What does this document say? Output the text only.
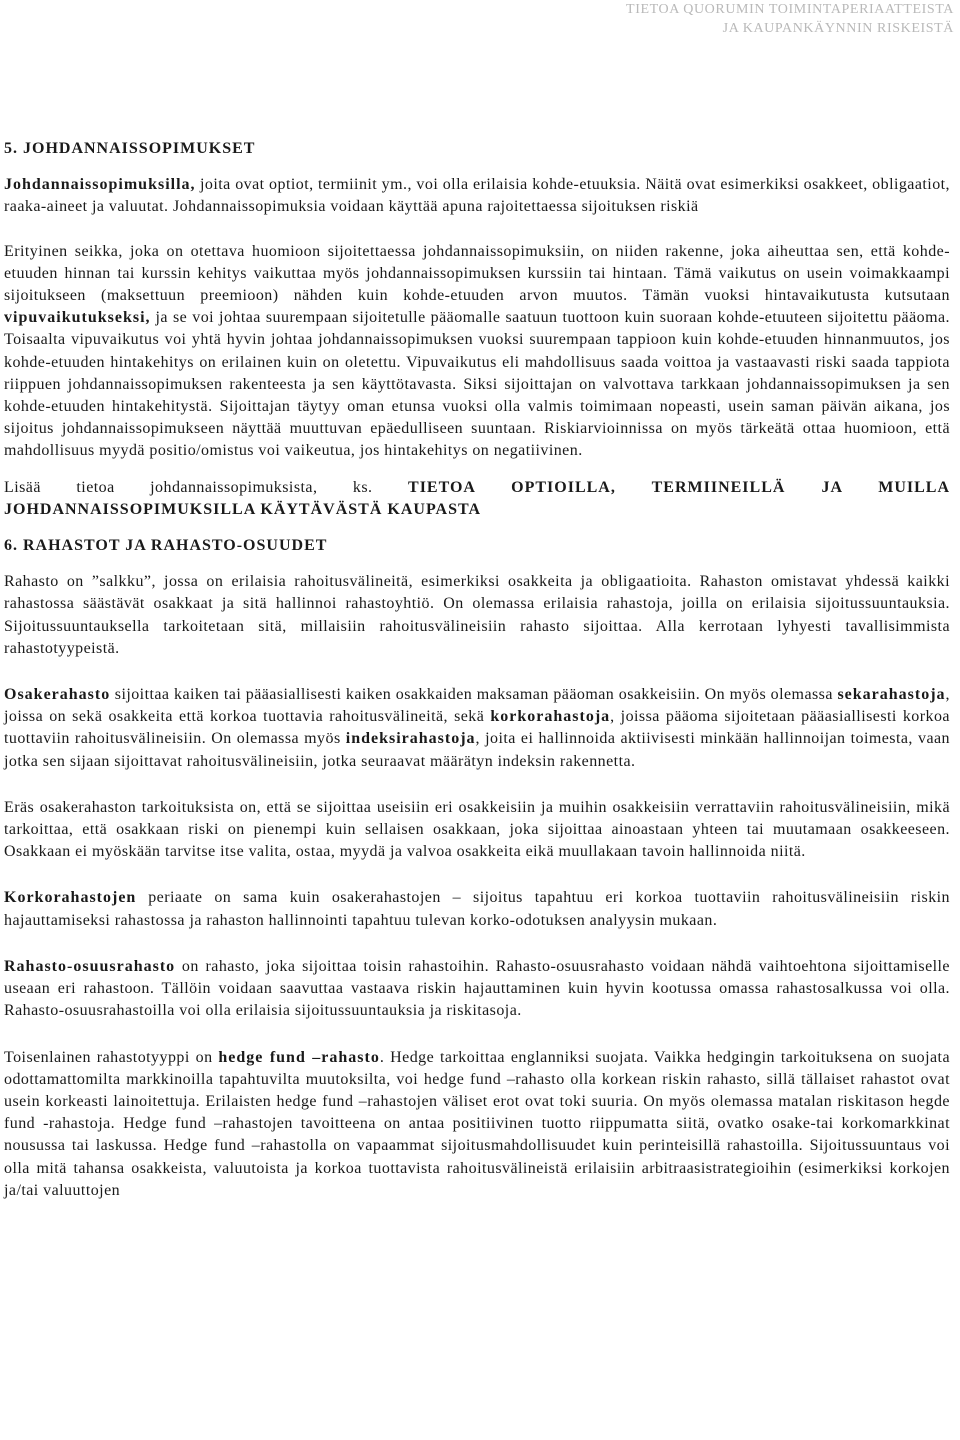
TIETOA QUORUMIN TOIMINTAPERIAATTEISTA
JA KAUPANKÄYNNIN RISKEISTÄ
5. JOHDANNAISSOPIMUKSET

Johdannaissopimuksilla, joita ovat optiot, termiinit ym., voi olla erilaisia kohde-etuuksia. Näitä ovat esimerkiksi osakkeet, obligaatiot, raaka-aineet ja valuutat. Johdannaissopimuksia voidaan käyttää apuna rajoitettaessa sijoituksen riskiä

Erityinen seikka, joka on otettava huomioon sijoitettaessa johdannaissopimuksiin, on niiden rakenne, joka aiheuttaa sen, että kohde-etuuden hinnan tai kurssin kehitys vaikuttaa myös johdannaissopimuksen kurssiin tai hintaan. Tämä vaikutus on usein voimakkaampi sijoitukseen (maksettuun preemioon) nähden kuin kohde-etuuden arvon muutos. Tämän vuoksi hintavaikutusta kutsutaan vipuvaikutukseksi, ja se voi johtaa suurempaan sijoitetulle pääomalle saatuun tuottoon kuin suoraan kohde-etuuteen sijoitettu pääoma. Toisaalta vipuvaikutus voi yhtä hyvin johtaa johdannaissopimuksen vuoksi suurempaan tappioon kuin kohde-etuuden hinnanmuutos, jos kohde-etuuden hintakehitys on erilainen kuin on oletettu. Vipuvaikutus eli mahdollisuus saada voittoa ja vastaavasti riski saada tappiota riippuen johdannaissopimuksen rakenteesta ja sen käyttötavasta. Siksi sijoittajan on valvottava tarkkaan johdannaissopimuksen ja sen kohde-etuuden hintakehitystä. Sijoittajan täytyy oman etunsa vuoksi olla valmis toimimaan nopeasti, usein saman päivän aikana, jos sijoitus johdannaissopimukseen näyttää muuttuvan epäedulliseen suuntaan. Riskiarvioinnissa on myös tärkeätä ottaa huomioon, että mahdollisuus myydä positio/omistus voi vaikeutua, jos hintakehitys on negatiivinen.

Lisää tietoa johdannaissopimuksista, ks. TIETOA OPTIOILLA, TERMIINEILLÄ JA MUILLA JOHDANNAISSOPIMUKSILLA KÄYTÄVÄSTÄ KAUPASTA

6. RAHASTOT JA RAHASTO-OSUUDET

Rahasto on ”salkku”, jossa on erilaisia rahoitusvälineitä, esimerkiksi osakkeita ja obligaatioita. Rahaston omistavat yhdessä kaikki rahastossa säästävät osakkaat ja sitä hallinnoi rahastoyhtiö. On olemassa erilaisia rahastoja, joilla on erilaisia sijoitussuuntauksia. Sijoitussuuntauksella tarkoitetaan sitä, millaisiin rahoitusvälineisiin rahasto sijoittaa. Alla kerrotaan lyhyesti tavallisimmista rahastotyypeistä.

Osakerahasto sijoittaa kaiken tai pääasiallisesti kaiken osakkaiden maksaman pääoman osakkeisiin. On myös olemassa sekarahastoja, joissa on sekä osakkeita että korkoa tuottavia rahoitusvälineitä, sekä korkorahastoja, joissa pääoma sijoitetaan pääasiallisesti korkoa tuottaviin rahoitusvälineisiin. On olemassa myös indeksirahastoja, joita ei hallinnoida aktiivisesti minkään hallinnoijan toimesta, vaan jotka sen sijaan sijoittavat rahoitusvälineisiin, jotka seuraavat määrätyn indeksin rakennetta.

Eräs osakerahaston tarkoituksista on, että se sijoittaa useisiin eri osakkeisiin ja muihin osakkeisiin verrattaviin rahoitusvälineisiin, mikä tarkoittaa, että osakkaan riski on pienempi kuin sellaisen osakkaan, joka sijoittaa ainoastaan yhteen tai muutamaan osakkeeseen. Osakkaan ei myöskään tarvitse itse valita, ostaa, myydä ja valvoa osakkeita eikä muullakaan tavoin hallinnoida niitä.

Korkorahastojen periaate on sama kuin osakerahastojen – sijoitus tapahtuu eri korkoa tuottaviin rahoitusvälineisiin riskin hajauttamiseksi rahastossa ja rahaston hallinnointi tapahtuu tulevan korko-odotuksen analyysin mukaan.

Rahasto-osuusrahasto on rahasto, joka sijoittaa toisin rahastoihin. Rahasto-osuusrahasto voidaan nähdä vaihtoehtona sijoittamiselle useaan eri rahastoon. Tällöin voidaan saavuttaa vastaava riskin hajauttaminen kuin hyvin kootussa omassa rahastosalkussa voi olla. Rahasto-osuusrahastoilla voi olla erilaisia sijoitussuuntauksia ja riskitasoja.

Toisenlainen rahastotyyppi on hedge fund –rahasto. Hedge tarkoittaa englanniksi suojata. Vaikka hedgingin tarkoituksena on suojata odottamattomilta markkinoilla tapahtuvilta muutoksilta, voi hedge fund –rahasto olla korkean riskin rahasto, sillä tällaiset rahastot ovat usein korkeasti lainoitettuja. Erilaisten hedge fund –rahastojen väliset erot ovat toki suuria. On myös olemassa matalan riskitason hegde fund -rahastoja. Hedge fund –rahastojen tavoitteena on antaa positiivinen tuotto riippumatta siitä, ovatko osake-tai korkomarkkinat nousussa tai laskussa. Hedge fund –rahastolla on vapaammat sijoitusmahdollisuudet kuin perinteisillä rahastoilla. Sijoitussuuntaus voi olla mitä tahansa osakkeista, valuutoista ja korkoa tuottavista rahoitusvälineistä erilaisiin arbitraasistrategioihin (esimerkiksi korkojen ja/tai valuuttojen
